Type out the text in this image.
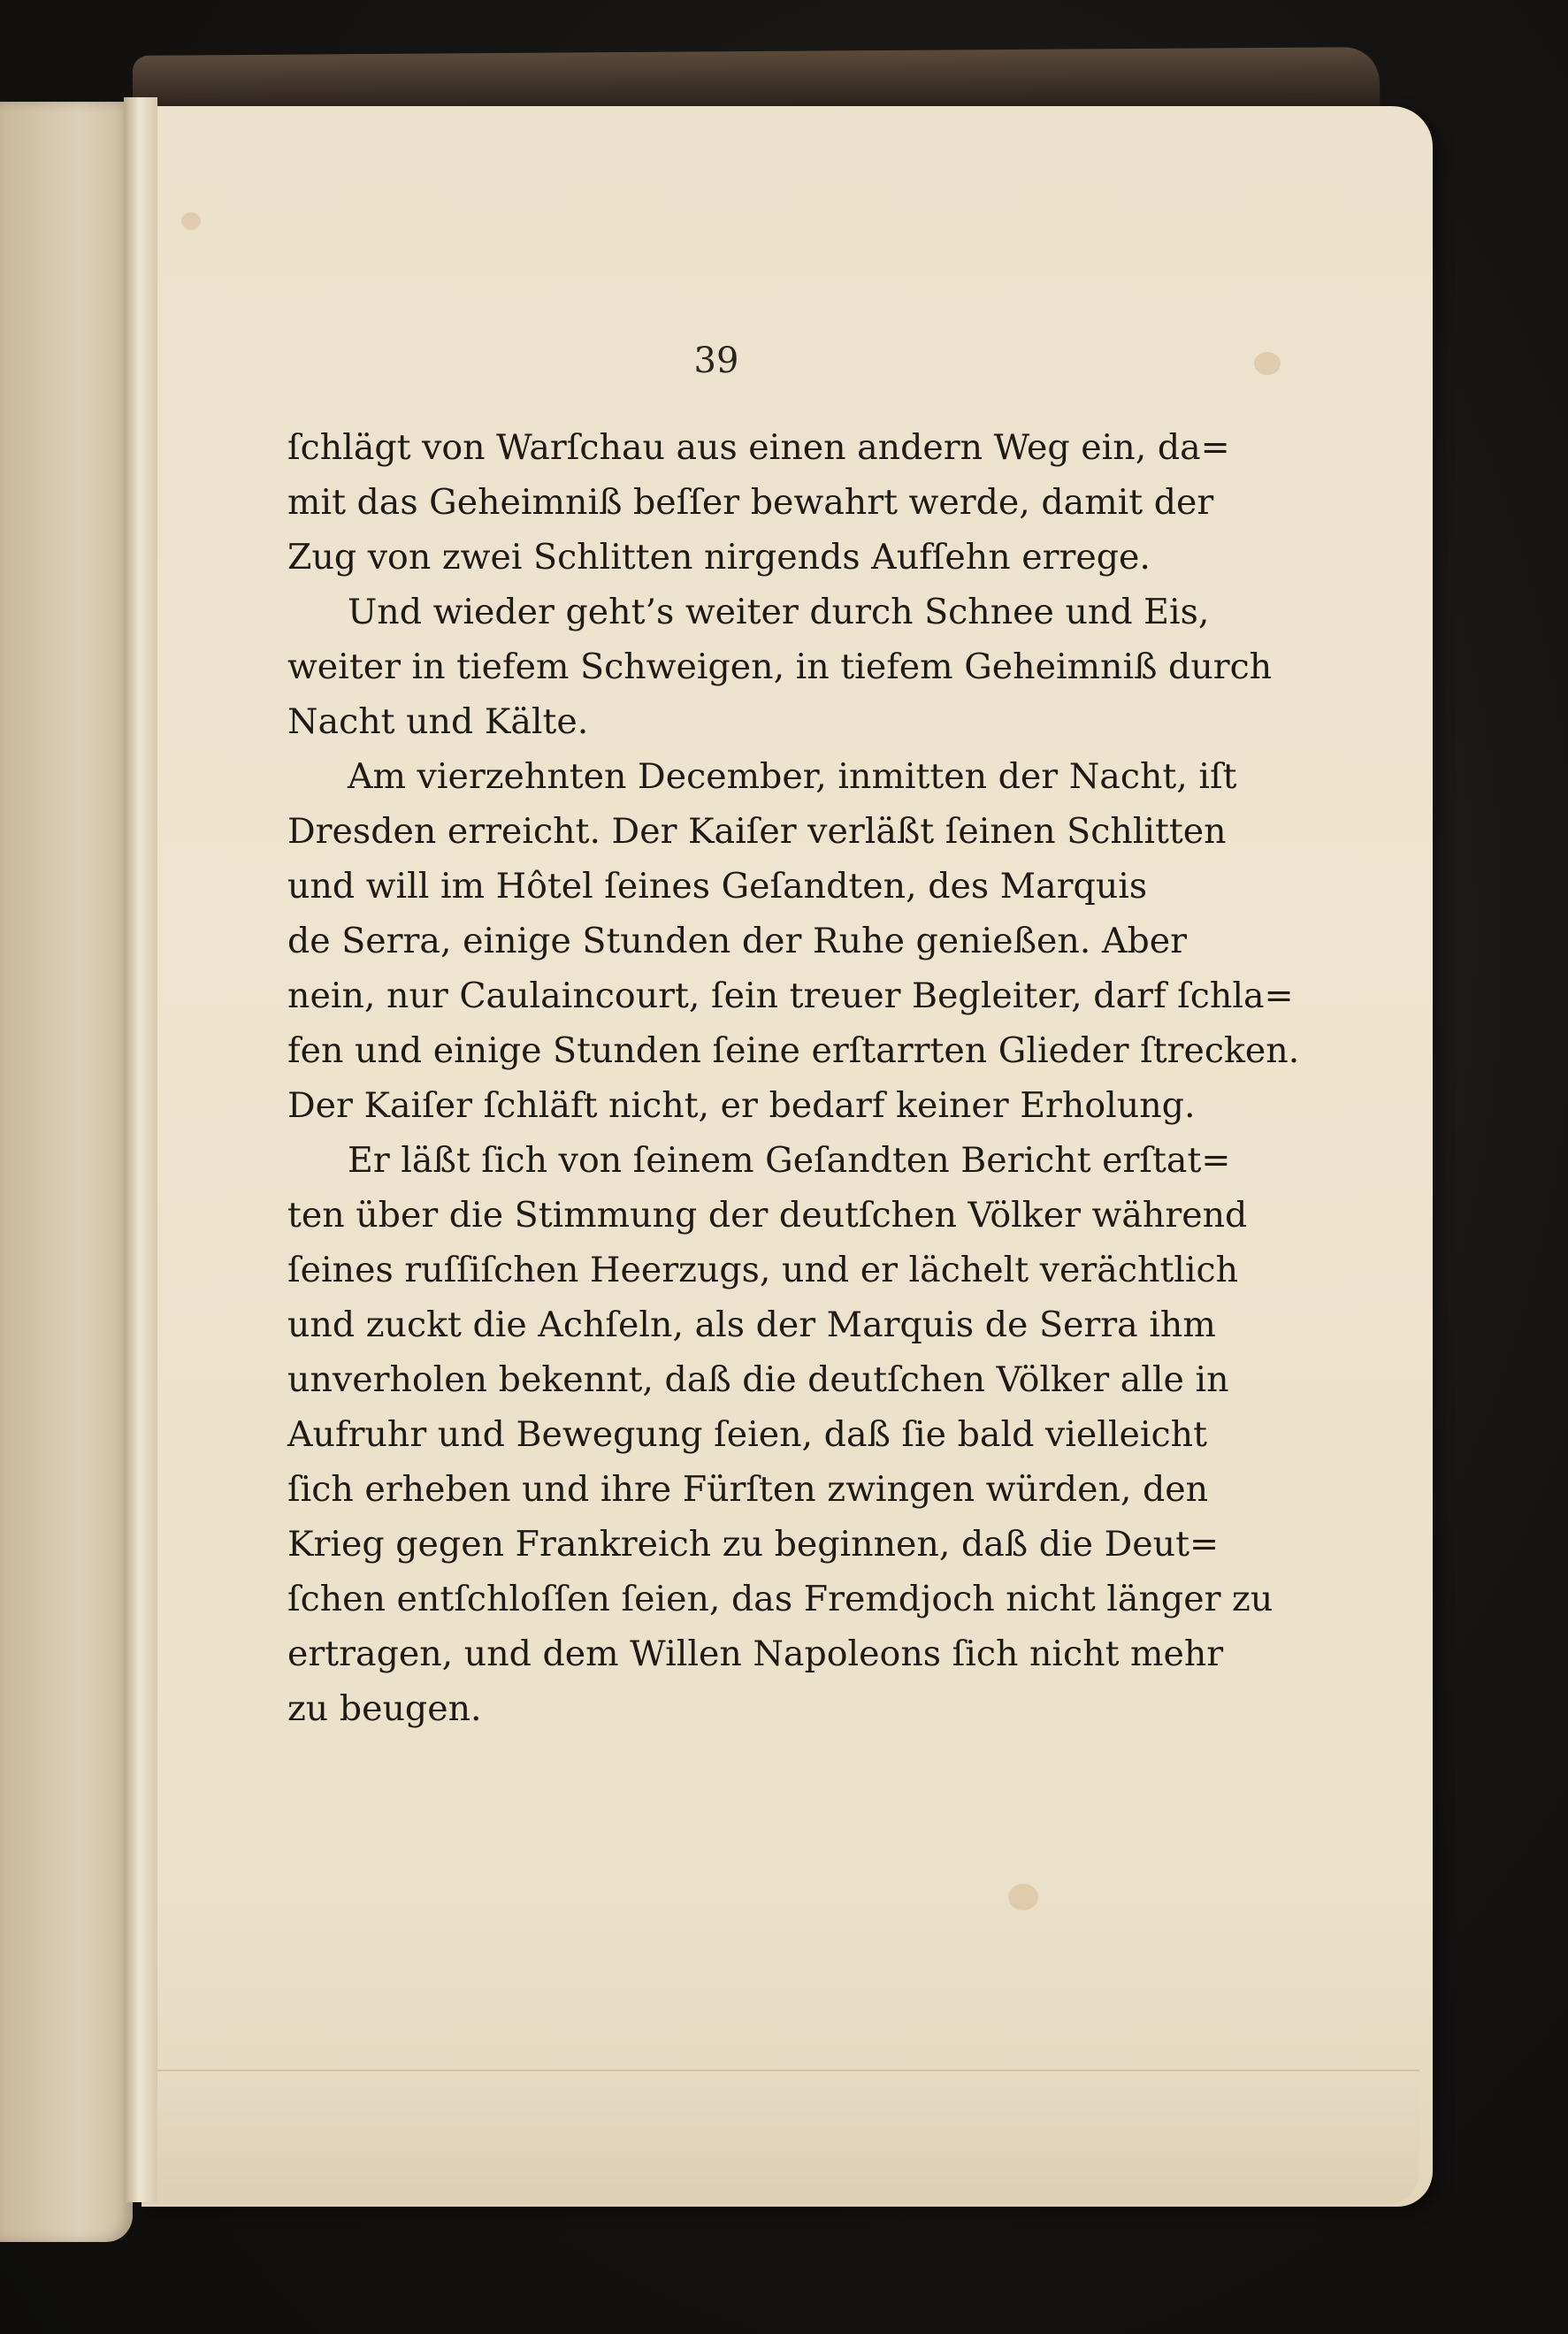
39
ſchlägt von Warſchau aus einen andern Weg ein, da=
mit das Geheimniß beſſer bewahrt werde, damit der
Zug von zwei Schlitten nirgends Aufſehn errege.
Und wieder geht’s weiter durch Schnee und Eis,
weiter in tiefem Schweigen, in tiefem Geheimniß durch
Nacht und Kälte.
Am vierzehnten December, inmitten der Nacht, iſt
Dresden erreicht. Der Kaiſer verläßt ſeinen Schlitten
und will im Hôtel ſeines Geſandten, des Marquis
de Serra, einige Stunden der Ruhe genießen. Aber
nein, nur Caulaincourt, ſein treuer Begleiter, darf ſchla=
fen und einige Stunden ſeine erſtarrten Glieder ſtrecken.
Der Kaiſer ſchläft nicht, er bedarf keiner Erholung.
Er läßt ſich von ſeinem Geſandten Bericht erſtat=
ten über die Stimmung der deutſchen Völker während
ſeines ruſſiſchen Heerzugs, und er lächelt verächtlich
und zuckt die Achſeln, als der Marquis de Serra ihm
unverholen bekennt, daß die deutſchen Völker alle in
Aufruhr und Bewegung ſeien, daß ſie bald vielleicht
ſich erheben und ihre Fürſten zwingen würden, den
Krieg gegen Frankreich zu beginnen, daß die Deut=
ſchen entſchloſſen ſeien, das Fremdjoch nicht länger zu
ertragen, und dem Willen Napoleons ſich nicht mehr
zu beugen.
